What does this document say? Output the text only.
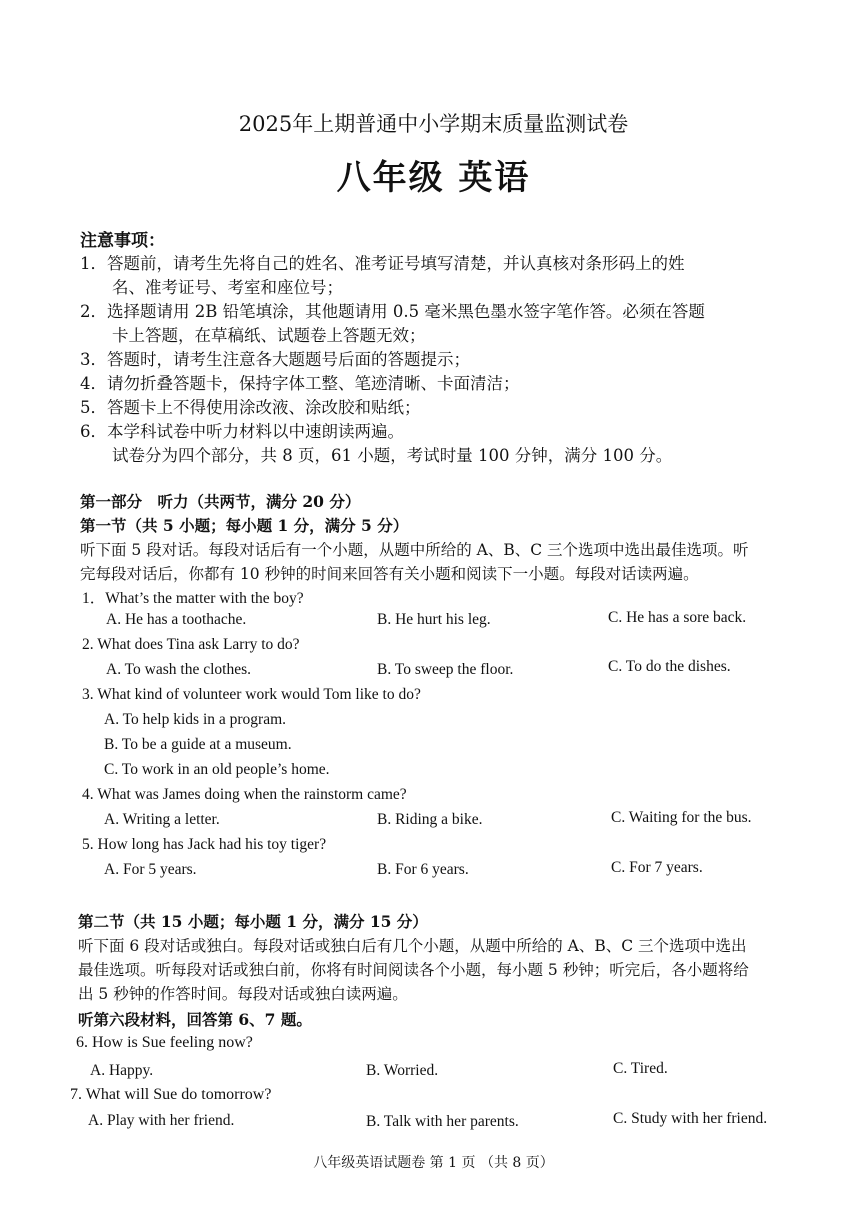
2025年上期普通中小学期末质量监测试卷
八年级 英语
注意事项：
1．答题前，请考生先将自己的姓名、准考证号填写清楚，并认真核对条形码上的姓
名、准考证号、考室和座位号；
2．选择题请用 2B 铅笔填涂，其他题请用 0.5 毫米黑色墨水签字笔作答。必须在答题
卡上答题，在草稿纸、试题卷上答题无效；
3．答题时，请考生注意各大题题号后面的答题提示；
4．请勿折叠答题卡，保持字体工整、笔迹清晰、卡面清洁；
5．答题卡上不得使用涂改液、涂改胶和贴纸；
6．本学科试卷中听力材料以中速朗读两遍。
试卷分为四个部分，共 8 页，61 小题，考试时量 100 分钟，满分 100 分。
第一部分　听力（共两节，满分 20 分）
第一节（共 5 小题；每小题 1 分，满分 5 分）
听下面 5 段对话。每段对话后有一个小题，从题中所给的 A、B、C 三个选项中选出最佳选项。听
完每段对话后，你都有 10 秒钟的时间来回答有关小题和阅读下一小题。每段对话读两遍。
1．What’s the matter with the boy?
A. He has a toothache.	B. He hurt his leg.	C. He has a sore back.
2. What does Tina ask Larry to do?
A. To wash the clothes.	B. To sweep the floor.	C. To do the dishes.
3. What kind of volunteer work would Tom like to do?
A. To help kids in a program.
B. To be a guide at a museum.
C. To work in an old people’s home.
4. What was James doing when the rainstorm came?
A. Writing a letter.	B. Riding a bike.	C. Waiting for the bus.
5. How long has Jack had his toy tiger?
A. For 5 years.	B. For 6 years.	C. For 7 years.
第二节（共 15 小题；每小题 1 分，满分 15 分）
听下面 6 段对话或独白。每段对话或独白后有几个小题，从题中所给的 A、B、C 三个选项中选出
最佳选项。听每段对话或独白前，你将有时间阅读各个小题，每小题 5 秒钟；听完后，各小题将给
出 5 秒钟的作答时间。每段对话或独白读两遍。
听第六段材料，回答第 6、7 题。
6. How is Sue feeling now?
A. Happy.	B. Worried.	C. Tired.
7. What will Sue do tomorrow?
A. Play with her friend.	B. Talk with her parents.	C. Study with her friend.
八年级英语试题卷 第 1 页 （共 8 页）
